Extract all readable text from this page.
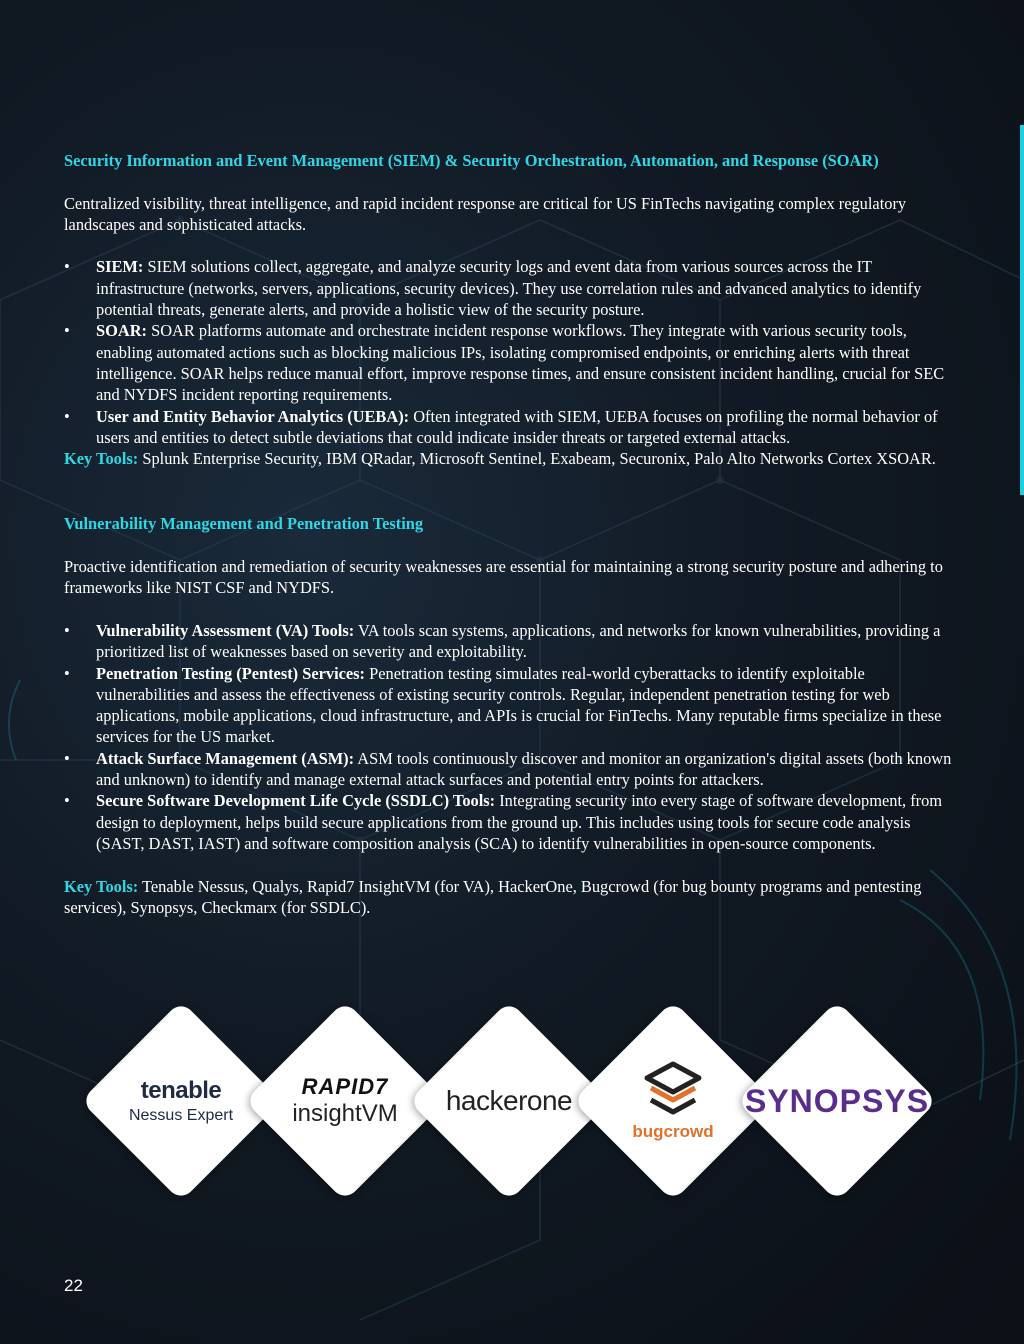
Security Information and Event Management (SIEM) & Security Orchestration, Automation, and Response (SOAR)

Centralized visibility, threat intelligence, and rapid incident response are critical for US FinTechs navigating complex regulatory landscapes and sophisticated attacks.

• SIEM: SIEM solutions collect, aggregate, and analyze security logs and event data from various sources across the IT infrastructure (networks, servers, applications, security devices). They use correlation rules and advanced analytics to identify potential threats, generate alerts, and provide a holistic view of the security posture.
• SOAR: SOAR platforms automate and orchestrate incident response workflows. They integrate with various security tools, enabling automated actions such as blocking malicious IPs, isolating compromised endpoints, or enriching alerts with threat intelligence. SOAR helps reduce manual effort, improve response times, and ensure consistent incident handling, crucial for SEC and NYDFS incident reporting requirements.
• User and Entity Behavior Analytics (UEBA): Often integrated with SIEM, UEBA focuses on profiling the normal behavior of users and entities to detect subtle deviations that could indicate insider threats or targeted external attacks.

Key Tools: Splunk Enterprise Security, IBM QRadar, Microsoft Sentinel, Exabeam, Securonix, Palo Alto Networks Cortex XSOAR.

Vulnerability Management and Penetration Testing

Proactive identification and remediation of security weaknesses are essential for maintaining a strong security posture and adhering to frameworks like NIST CSF and NYDFS.

• Vulnerability Assessment (VA) Tools: VA tools scan systems, applications, and networks for known vulnerabilities, providing a prioritized list of weaknesses based on severity and exploitability.
• Penetration Testing (Pentest) Services: Penetration testing simulates real-world cyberattacks to identify exploitable vulnerabilities and assess the effectiveness of existing security controls. Regular, independent penetration testing for web applications, mobile applications, cloud infrastructure, and APIs is crucial for FinTechs. Many reputable firms specialize in these services for the US market.
• Attack Surface Management (ASM): ASM tools continuously discover and monitor an organization's digital assets (both known and unknown) to identify and manage external attack surfaces and potential entry points for attackers.
• Secure Software Development Life Cycle (SSDLC) Tools: Integrating security into every stage of software development, from design to deployment, helps build secure applications from the ground up. This includes using tools for secure code analysis (SAST, DAST, IAST) and software composition analysis (SCA) to identify vulnerabilities in open-source components.

Key Tools: Tenable Nessus, Qualys, Rapid7 InsightVM (for VA), HackerOne, Bugcrowd (for bug bounty programs and pentesting services), Synopsys, Checkmarx (for SSDLC).

tenable
Nessus Expert
RAPID7
insightVM hackerone
bugcrowd
SYNOPSYS
22
